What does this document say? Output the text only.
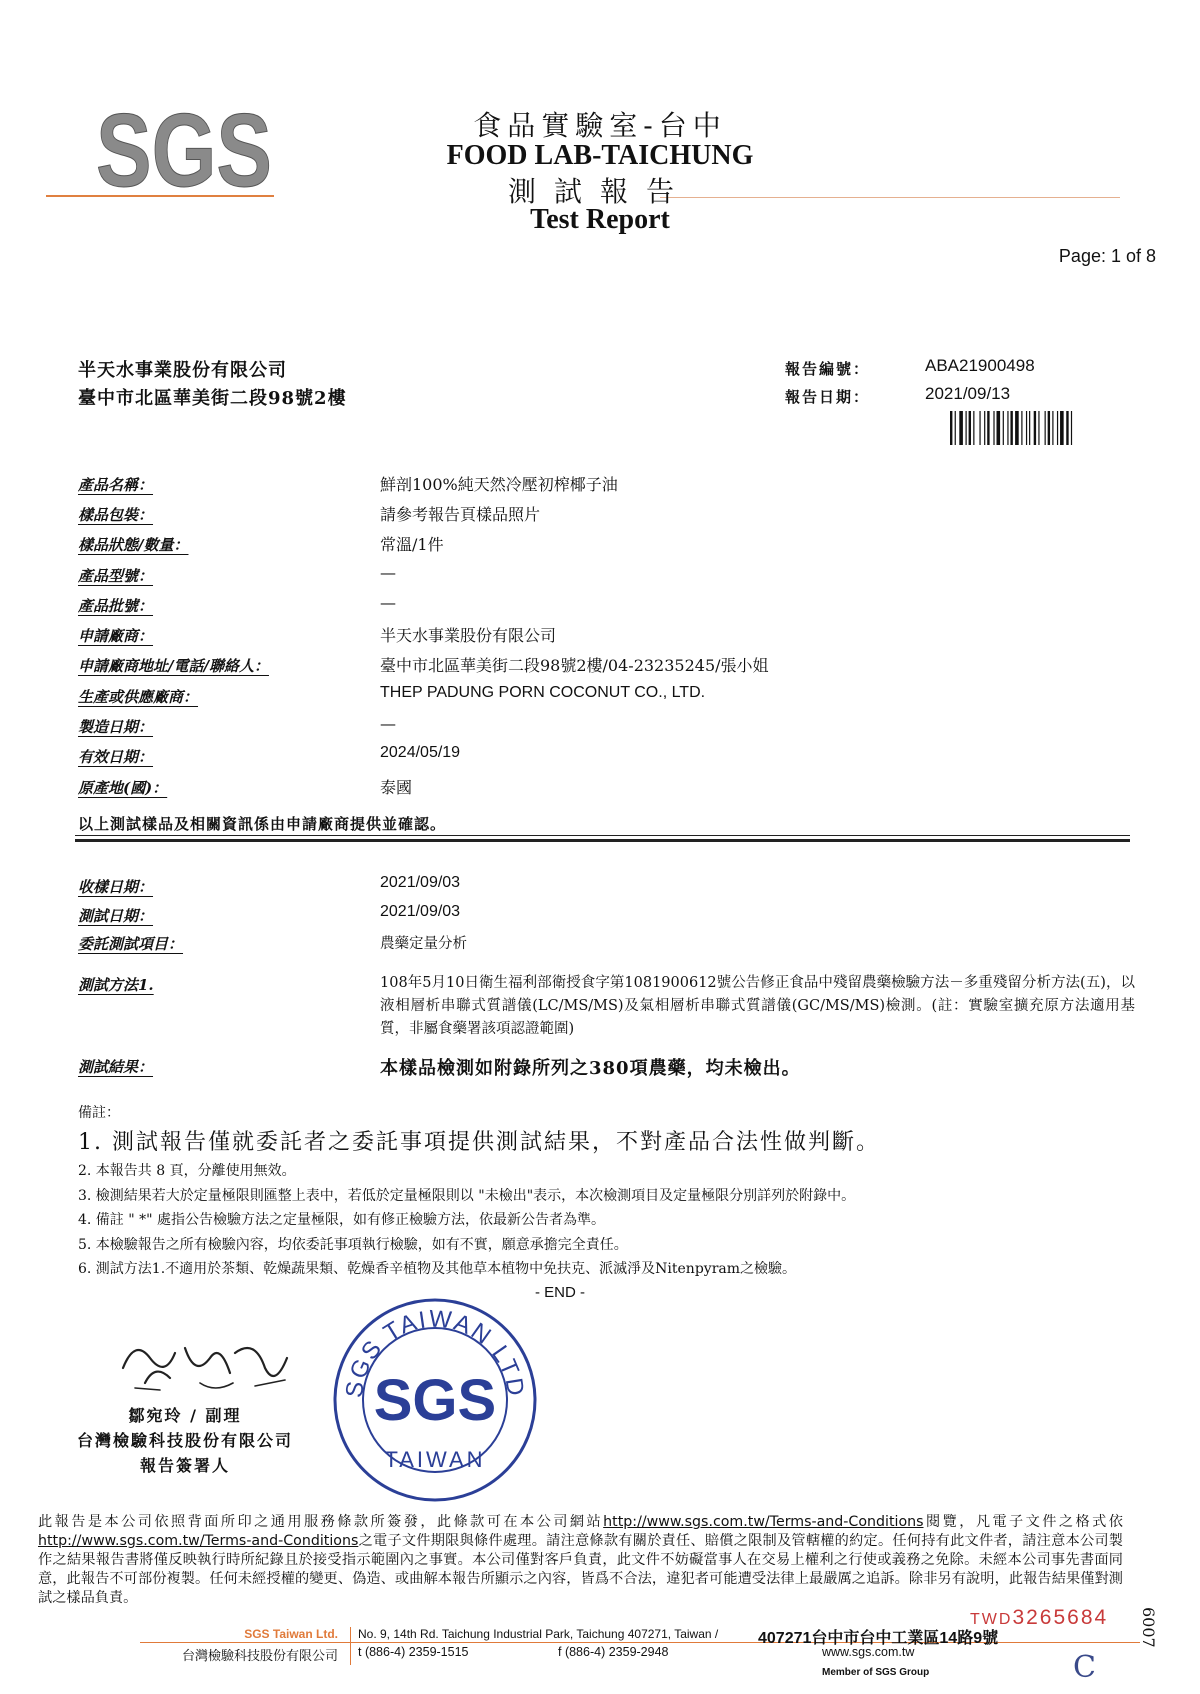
SGS	食品實驗室-台中
FOOD LAB-TAICHUNG
測試報告
Test Report
Page: 1 of 8
半天水事業股份有限公司
臺中市北區華美街二段98號2樓
報告編號：	ABA21900498
報告日期：	2021/09/13
產品名稱：	鮮剖100%純天然冷壓初榨椰子油
樣品包裝：	請參考報告頁樣品照片
樣品狀態/數量：	常溫/1件
產品型號：	—
產品批號：	—
申請廠商：	半天水事業股份有限公司
申請廠商地址/電話/聯絡人：	臺中市北區華美街二段98號2樓/04-23235245/張小姐
生產或供應廠商：	THEP PADUNG PORN COCONUT CO., LTD.
製造日期：	—
有效日期：	2024/05/19
原產地(國)：	泰國
以上測試樣品及相關資訊係由申請廠商提供並確認。
收樣日期：	2021/09/03
測試日期：	2021/09/03
委託測試項目：	農藥定量分析
測試方法1.	108年5月10日衛生福利部衛授食字第1081900612號公告修正食品中殘留農藥檢驗方法－多重殘留分析方法(五)，以液相層析串聯式質譜儀(LC/MS/MS)及氣相層析串聯式質譜儀(GC/MS/MS)檢測。(註：實驗室擴充原方法適用基質，非屬食藥署該項認證範圍)
測試結果：	本樣品檢測如附錄所列之380項農藥，均未檢出。
備註：
1. 測試報告僅就委託者之委託事項提供測試結果，不對產品合法性做判斷。
2. 本報告共 8 頁，分離使用無效。
3. 檢測結果若大於定量極限則匯整上表中，若低於定量極限則以 "未檢出"表示，本次檢測項目及定量極限分別詳列於附錄中。
4. 備註 " *" 處指公告檢驗方法之定量極限，如有修正檢驗方法，依最新公告者為準。
5. 本檢驗報告之所有檢驗內容，均依委託事項執行檢驗，如有不實，願意承擔完全責任。
6. 測試方法1.不適用於茶類、乾燥蔬果類、乾燥香辛植物及其他草本植物中免扶克、派滅淨及Nitenpyram之檢驗。
- END -
鄒宛玲 / 副理
台灣檢驗科技股份有限公司
報告簽署人
SGS TAIWAN LTD
SGS
TAIWAN
此報告是本公司依照背面所印之通用服務條款所簽發，此條款可在本公司網站http://www.sgs.com.tw/Terms-and-Conditions閱覽，凡電子文件之格式依http://www.sgs.com.tw/Terms-and-Conditions之電子文件期限與條件處理。請注意條款有關於責任、賠償之限制及管轄權的約定。任何持有此文件者，請注意本公司製作之結果報告書將僅反映執行時所紀錄且於接受指示範圍內之事實。本公司僅對客戶負責，此文件不妨礙當事人在交易上權利之行使或義務之免除。未經本公司事先書面同意，此報告不可部份複製。任何未經授權的變更、偽造、或曲解本報告所顯示之內容，皆爲不合法，違犯者可能遭受法律上最嚴厲之追訴。除非另有說明，此報告結果僅對測試之樣品負責。
TWD3265684 6007
SGS Taiwan Ltd.
台灣檢驗科技股份有限公司
No. 9, 14th Rd. Taichung Industrial Park, Taichung 407271, Taiwan / 407271台中市台中工業區14路9號
t (886-4) 2359-1515	f (886-4) 2359-2948	www.sgs.com.tw
Member of SGS Group	C
